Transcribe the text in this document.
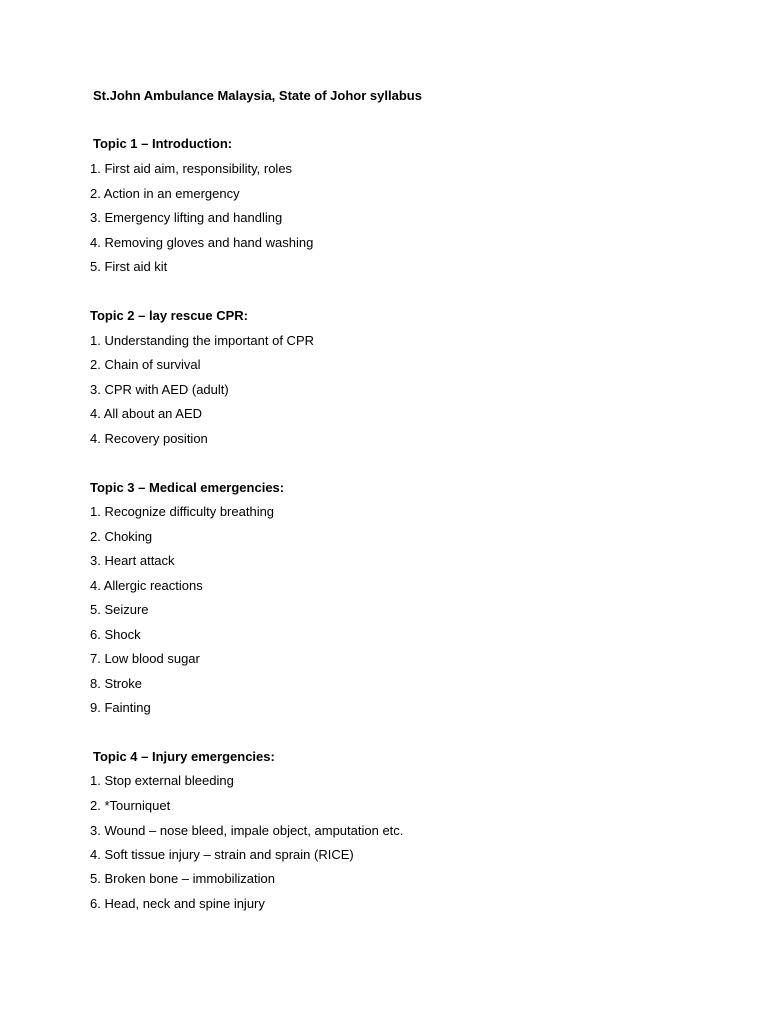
St.John Ambulance Malaysia, State of Johor syllabus
Topic 1 – Introduction:
1. First aid aim, responsibility, roles
2. Action in an emergency
3. Emergency lifting and handling
4. Removing gloves and hand washing
5. First aid kit
Topic 2 – lay rescue CPR:
1. Understanding the important of CPR
2. Chain of survival
3. CPR with AED (adult)
4. All about an AED
4. Recovery position
Topic 3 – Medical emergencies:
1. Recognize difficulty breathing
2. Choking
3. Heart attack
4. Allergic reactions
5. Seizure
6. Shock
7. Low blood sugar
8. Stroke
9. Fainting
Topic 4 – Injury emergencies:
1. Stop external bleeding
2. *Tourniquet
3. Wound – nose bleed, impale object, amputation etc.
4. Soft tissue injury – strain and sprain (RICE)
5. Broken bone – immobilization
6. Head, neck and spine injury
